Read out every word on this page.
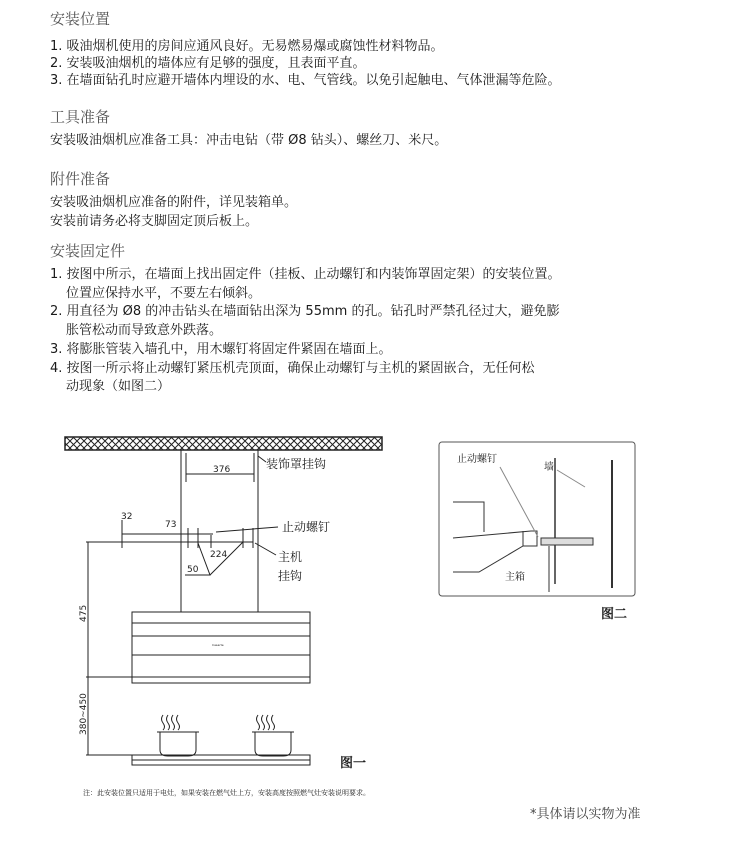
安装位置
1. 吸油烟机使用的房间应通风良好。无易燃易爆或腐蚀性材料物品。
2. 安装吸油烟机的墙体应有足够的强度，且表面平直。
3. 在墙面钻孔时应避开墙体内埋设的水、电、气管线。以免引起触电、气体泄漏等危险。
工具准备
安装吸油烟机应准备工具：冲击电钻（带 Ø8 钻头）、螺丝刀、米尺。
附件准备
安装吸油烟机应准备的附件，详见装箱单。
安装前请务必将支脚固定顶后板上。
安装固定件
1. 按图中所示，在墙面上找出固定件（挂板、止动螺钉和内装饰罩固定架）的安装位置。
位置应保持水平，不要左右倾斜。
2. 用直径为 Ø8 的冲击钻头在墙面钻出深为 55mm 的孔。钻孔时严禁孔径过大，避免膨
胀管松动而导致意外跌落。
3. 将膨胀管装入墙孔中，用木螺钉将固定件紧固在墙面上。
4. 按图一所示将止动螺钉紧压机壳顶面，确保止动螺钉与主机的紧固嵌合，无任何松
动现象（如图二）
376
32
73
224
50
475
380~450
装饰罩挂钩
止动螺钉
主机
挂钩
Casarte
图一
止动螺钉
墙
主箱
图二
注：此安装位置只适用于电灶，如果安装在燃气灶上方，安装高度按照燃气灶安装说明要求。
*具体请以实物为准
